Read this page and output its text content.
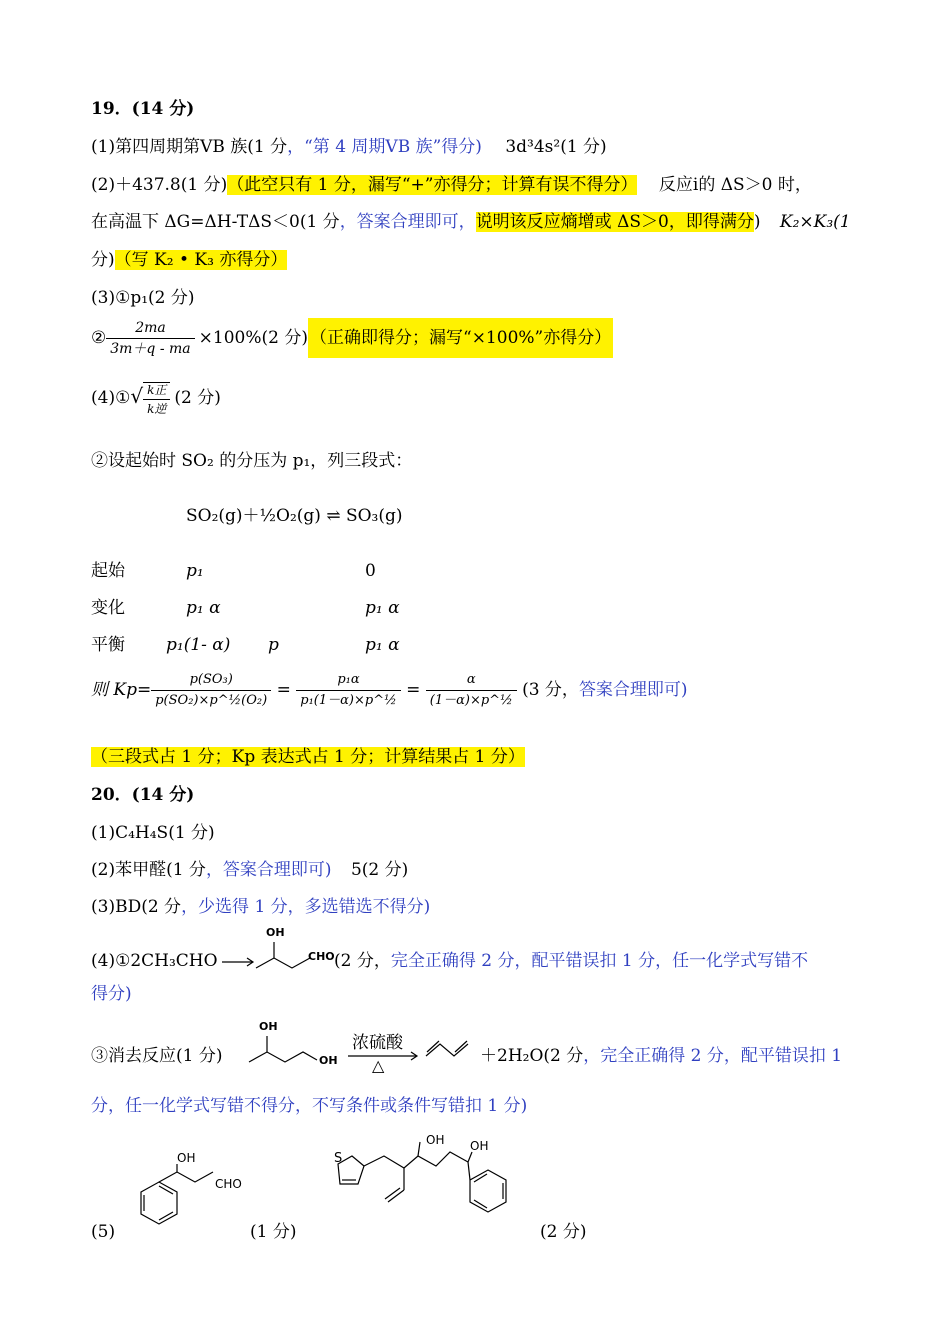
19．(14 分)
(1)第四周期第VB 族(1 分，“第 4 周期VB 族”得分) 3d³4s²(1 分)
(2)＋437.8(1 分)（此空只有 1 分，漏写“+”亦得分；计算有误不得分） 反应i的 ΔS＞0 时，
在高温下 ΔG=ΔH-TΔS＜0(1 分，答案合理即可，说明该反应熵增或 ΔS＞0，即得满分) K₂×K₃(1
分)（写 K₂ • K₃ 亦得分）
(3)①p₁(2 分)
② $\frac{2ma}{3m+q - ma} \times 100\%(2$ 分) （正确即得分；漏写“×100%”亦得分）
(4)①√ $\frac{\text{k正}}{\text{k逆}} (2$ 分)
②设起始时 SO₂ 的分压为 p₁，列三段式：
SO₂(g)＋½O₂(g) ⇌ SO₃(g)
起始	p₁	0
变化	p₁ α	p₁ α
平衡 p₁(1- α) p	p₁ α
则 $Kp= \frac{\text{p(SO₃)}}{\text{p(SO₂)×p\textasciicircum{}½(O₂)}} = \frac{\text{p₁α}}{\text{p₁(1－α)×p\textasciicircum{}½}} = \frac{\alpha}{\text{(1－α)×p\textasciicircum{}½}} (3$ 分，答案合理即可)
（三段式占 1 分；Kp 表达式占 1 分；计算结果占 1 分）
20．(14 分)
(1)C₄H₄S(1 分)
(2)苯甲醛(1 分，答案合理即可) 5(2 分)
(3)BD(2 分，少选得 1 分，多选错选不得分)
(4)①2CH₃CHO →
OH
CHO (2 分，完全正确得 2 分，配平错误扣 1 分，任一化学式写错不
得分)
③消去反应(1 分)
OH
OH
浓硫酸
△	＋2H₂O(2 分，完全正确得 2 分，配平错误扣 1
分，任一化学式写错不得分，不写条件或条件写错扣 1 分)
(5)
OH
CHO
(1 分)
S
OH OH
(2 分)
